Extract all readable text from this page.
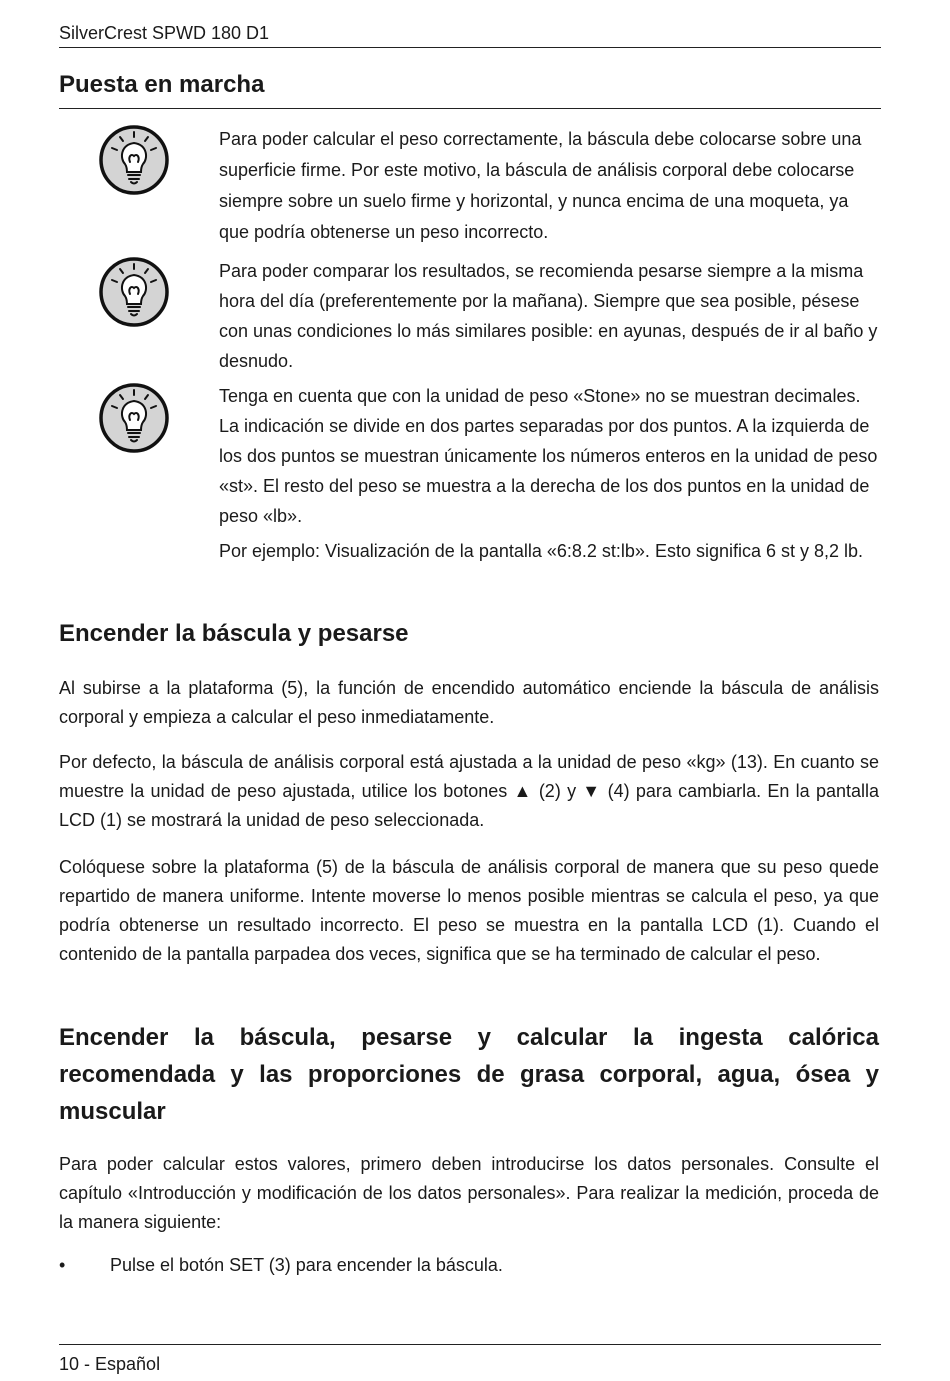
SilverCrest SPWD 180 D1
Puesta en marcha

Para poder calcular el peso correctamente, la báscula debe colocarse sobre una superficie firme. Por este motivo, la báscula de análisis corporal debe colocarse siempre sobre un suelo firme y horizontal, y nunca encima de una moqueta, ya que podría obtenerse un peso incorrecto.

Para poder comparar los resultados, se recomienda pesarse siempre a la misma hora del día (preferentemente por la mañana). Siempre que sea posible, pésese con unas condiciones lo más similares posible: en ayunas, después de ir al baño y desnudo.

Tenga en cuenta que con la unidad de peso «Stone» no se muestran decimales. La indicación se divide en dos partes separadas por dos puntos. A la izquierda de los dos puntos se muestran únicamente los números enteros en la unidad de peso «st». El resto del peso se muestra a la derecha de los dos puntos en la unidad de peso «lb».

Por ejemplo: Visualización de la pantalla «6:8.2 st:lb». Esto significa 6 st y 8,2 lb.

Encender la báscula y pesarse

Al subirse a la plataforma (5), la función de encendido automático enciende la báscula de análisis corporal y empieza a calcular el peso inmediatamente.

Por defecto, la báscula de análisis corporal está ajustada a la unidad de peso «kg» (13). En cuanto se muestre la unidad de peso ajustada, utilice los botones ▲ (2) y ▼ (4) para cambiarla. En la pantalla LCD (1) se mostrará la unidad de peso seleccionada.

Colóquese sobre la plataforma (5) de la báscula de análisis corporal de manera que su peso quede repartido de manera uniforme. Intente moverse lo menos posible mientras se calcula el peso, ya que podría obtenerse un resultado incorrecto. El peso se muestra en la pantalla LCD (1). Cuando el contenido de la pantalla parpadea dos veces, significa que se ha terminado de calcular el peso.

Encender la báscula, pesarse y calcular la ingesta calórica recomendada y las proporciones de grasa corporal, agua, ósea y muscular

Para poder calcular estos valores, primero deben introducirse los datos personales. Consulte el capítulo «Introducción y modificación de los datos personales». Para realizar la medición, proceda de la manera siguiente:

• Pulse el botón SET (3) para encender la báscula.
10 - Español
